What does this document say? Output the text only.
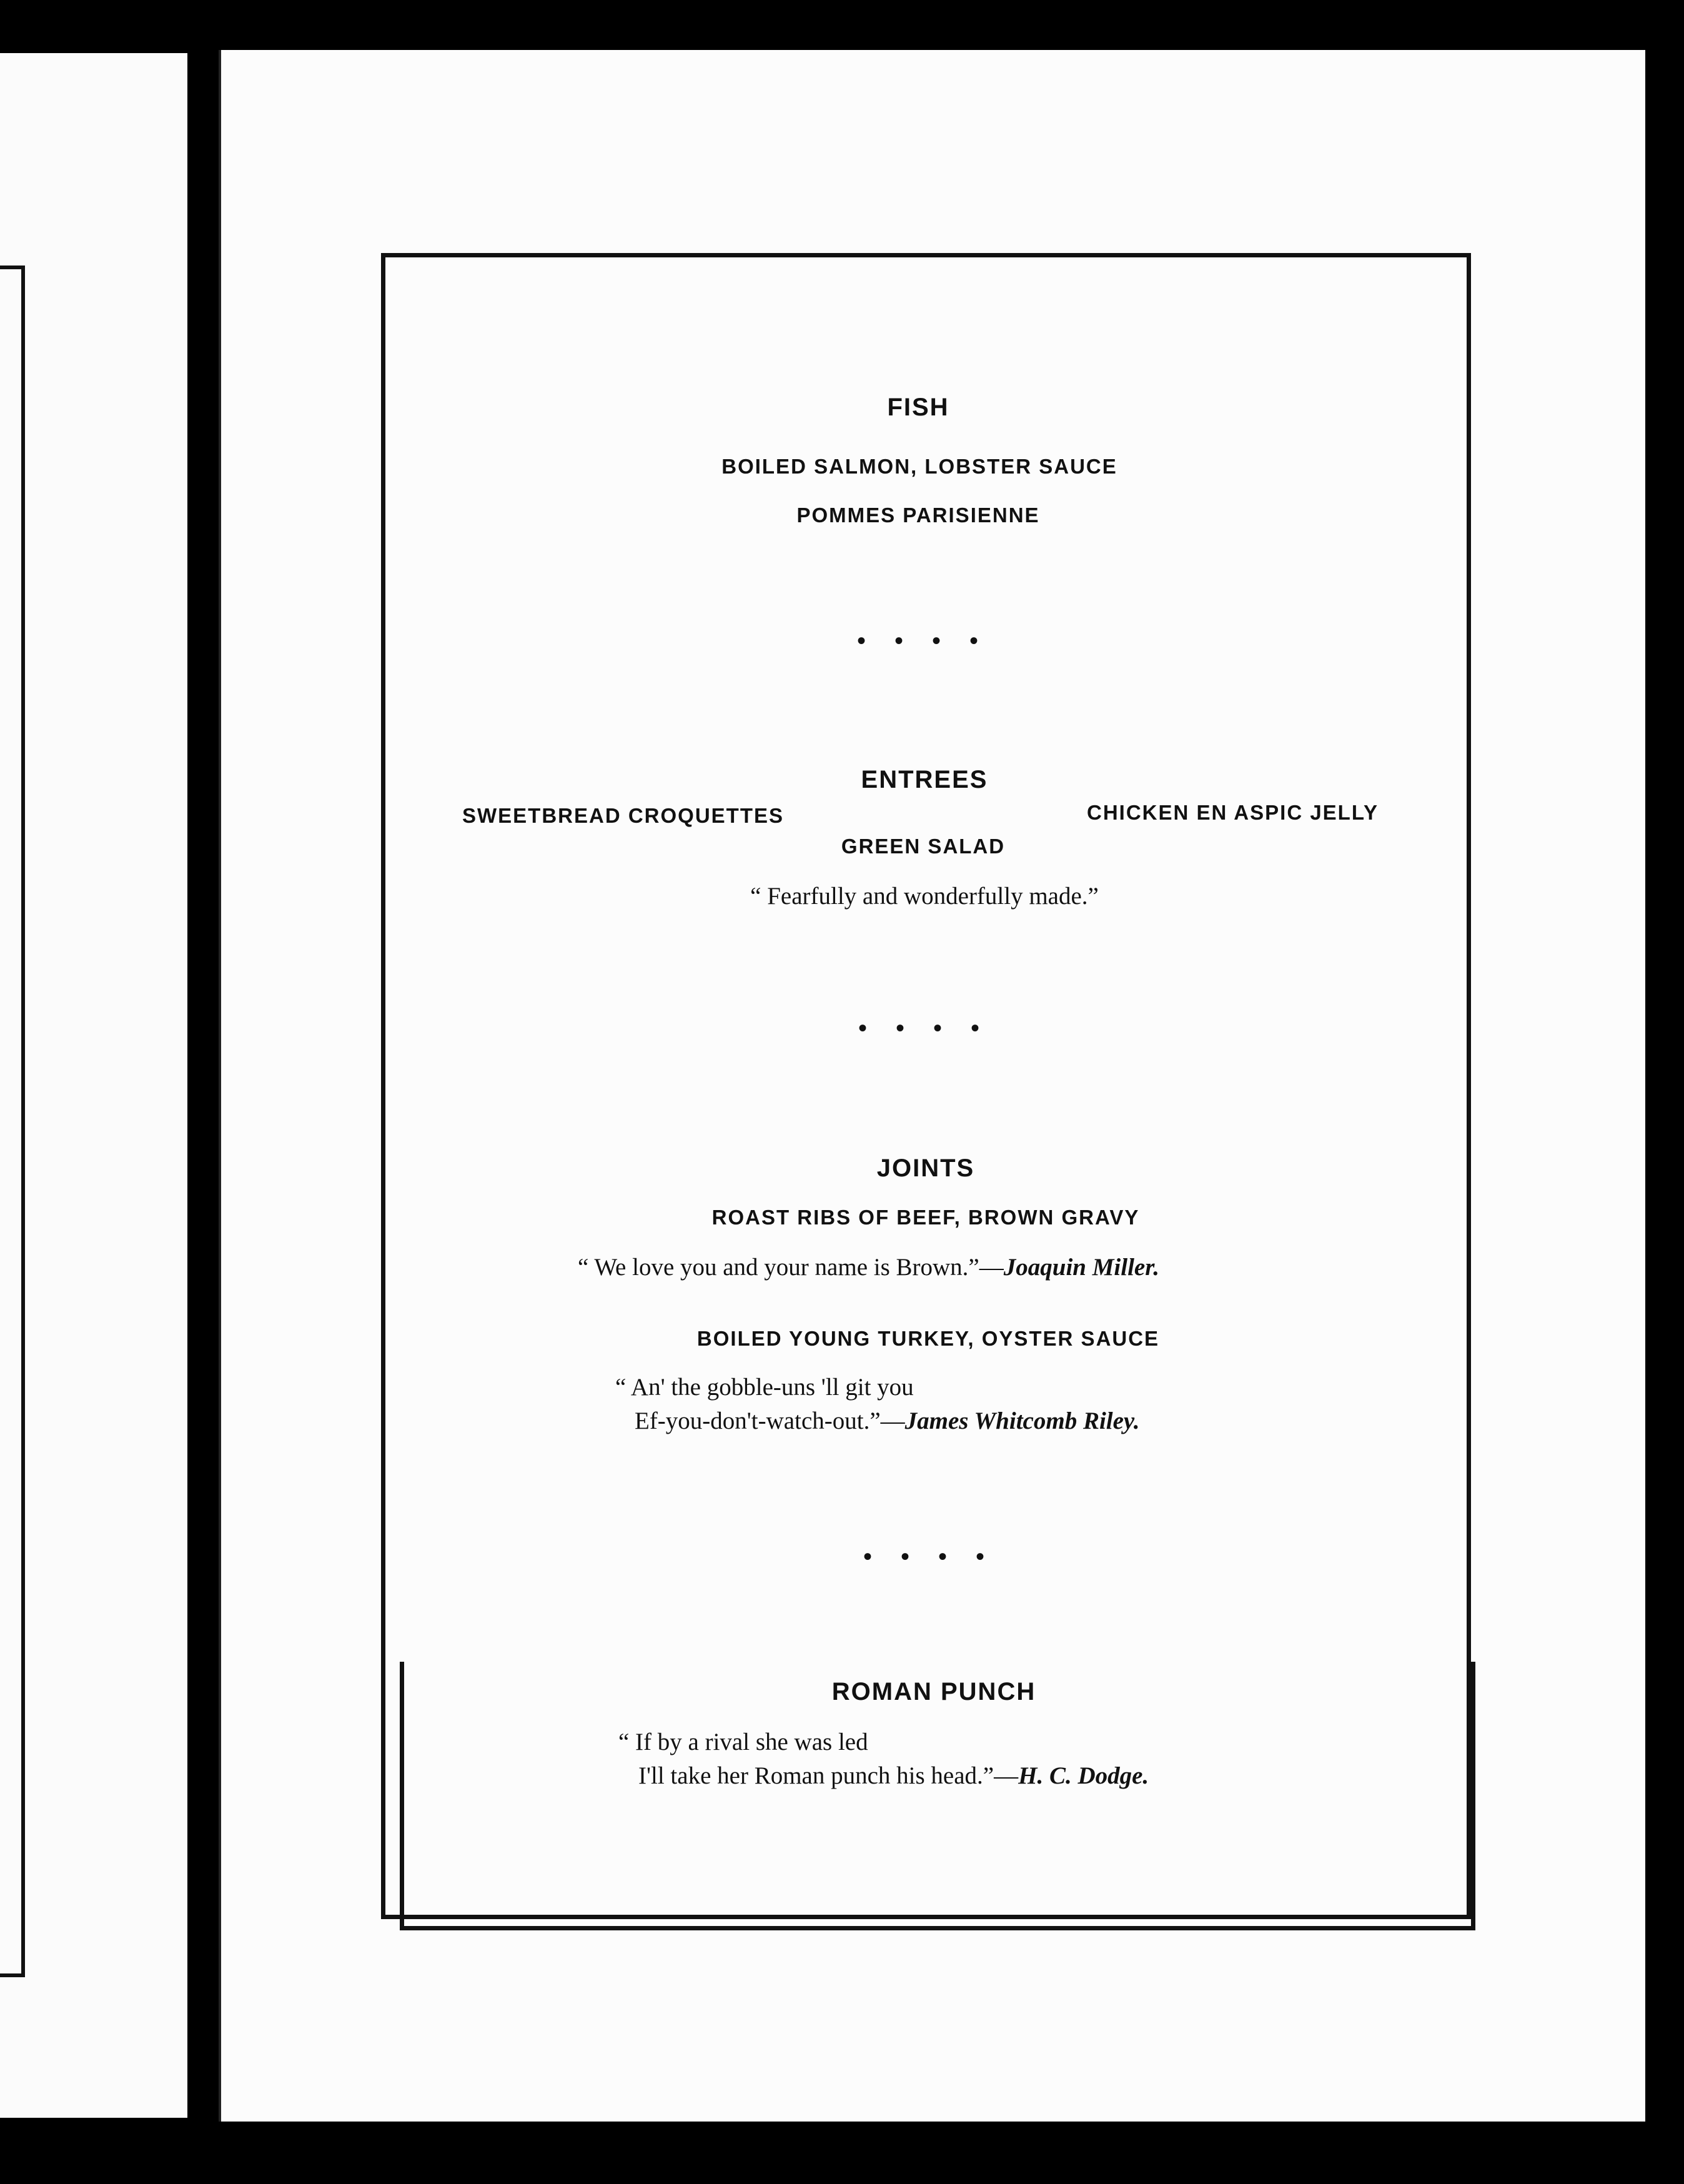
FISH
BOILED SALMON, LOBSTER SAUCE
POMMES PARISIENNE
• • • •
ENTREES
SWEETBREAD CROQUETTES	CHICKEN EN ASPIC JELLY
GREEN SALAD
“ Fearfully and wonderfully made.”
• • • •
JOINTS
ROAST RIBS OF BEEF, BROWN GRAVY
“ We love you and your name is Brown.”—Joaquin Miller.
BOILED YOUNG TURKEY, OYSTER SAUCE
“ An' the gobble-uns 'll git you
Ef-you-don't-watch-out.”—James Whitcomb Riley.
• • • •
ROMAN PUNCH
“ If by a rival she was led
I'll take her Roman punch his head.”—H. C. Dodge.
